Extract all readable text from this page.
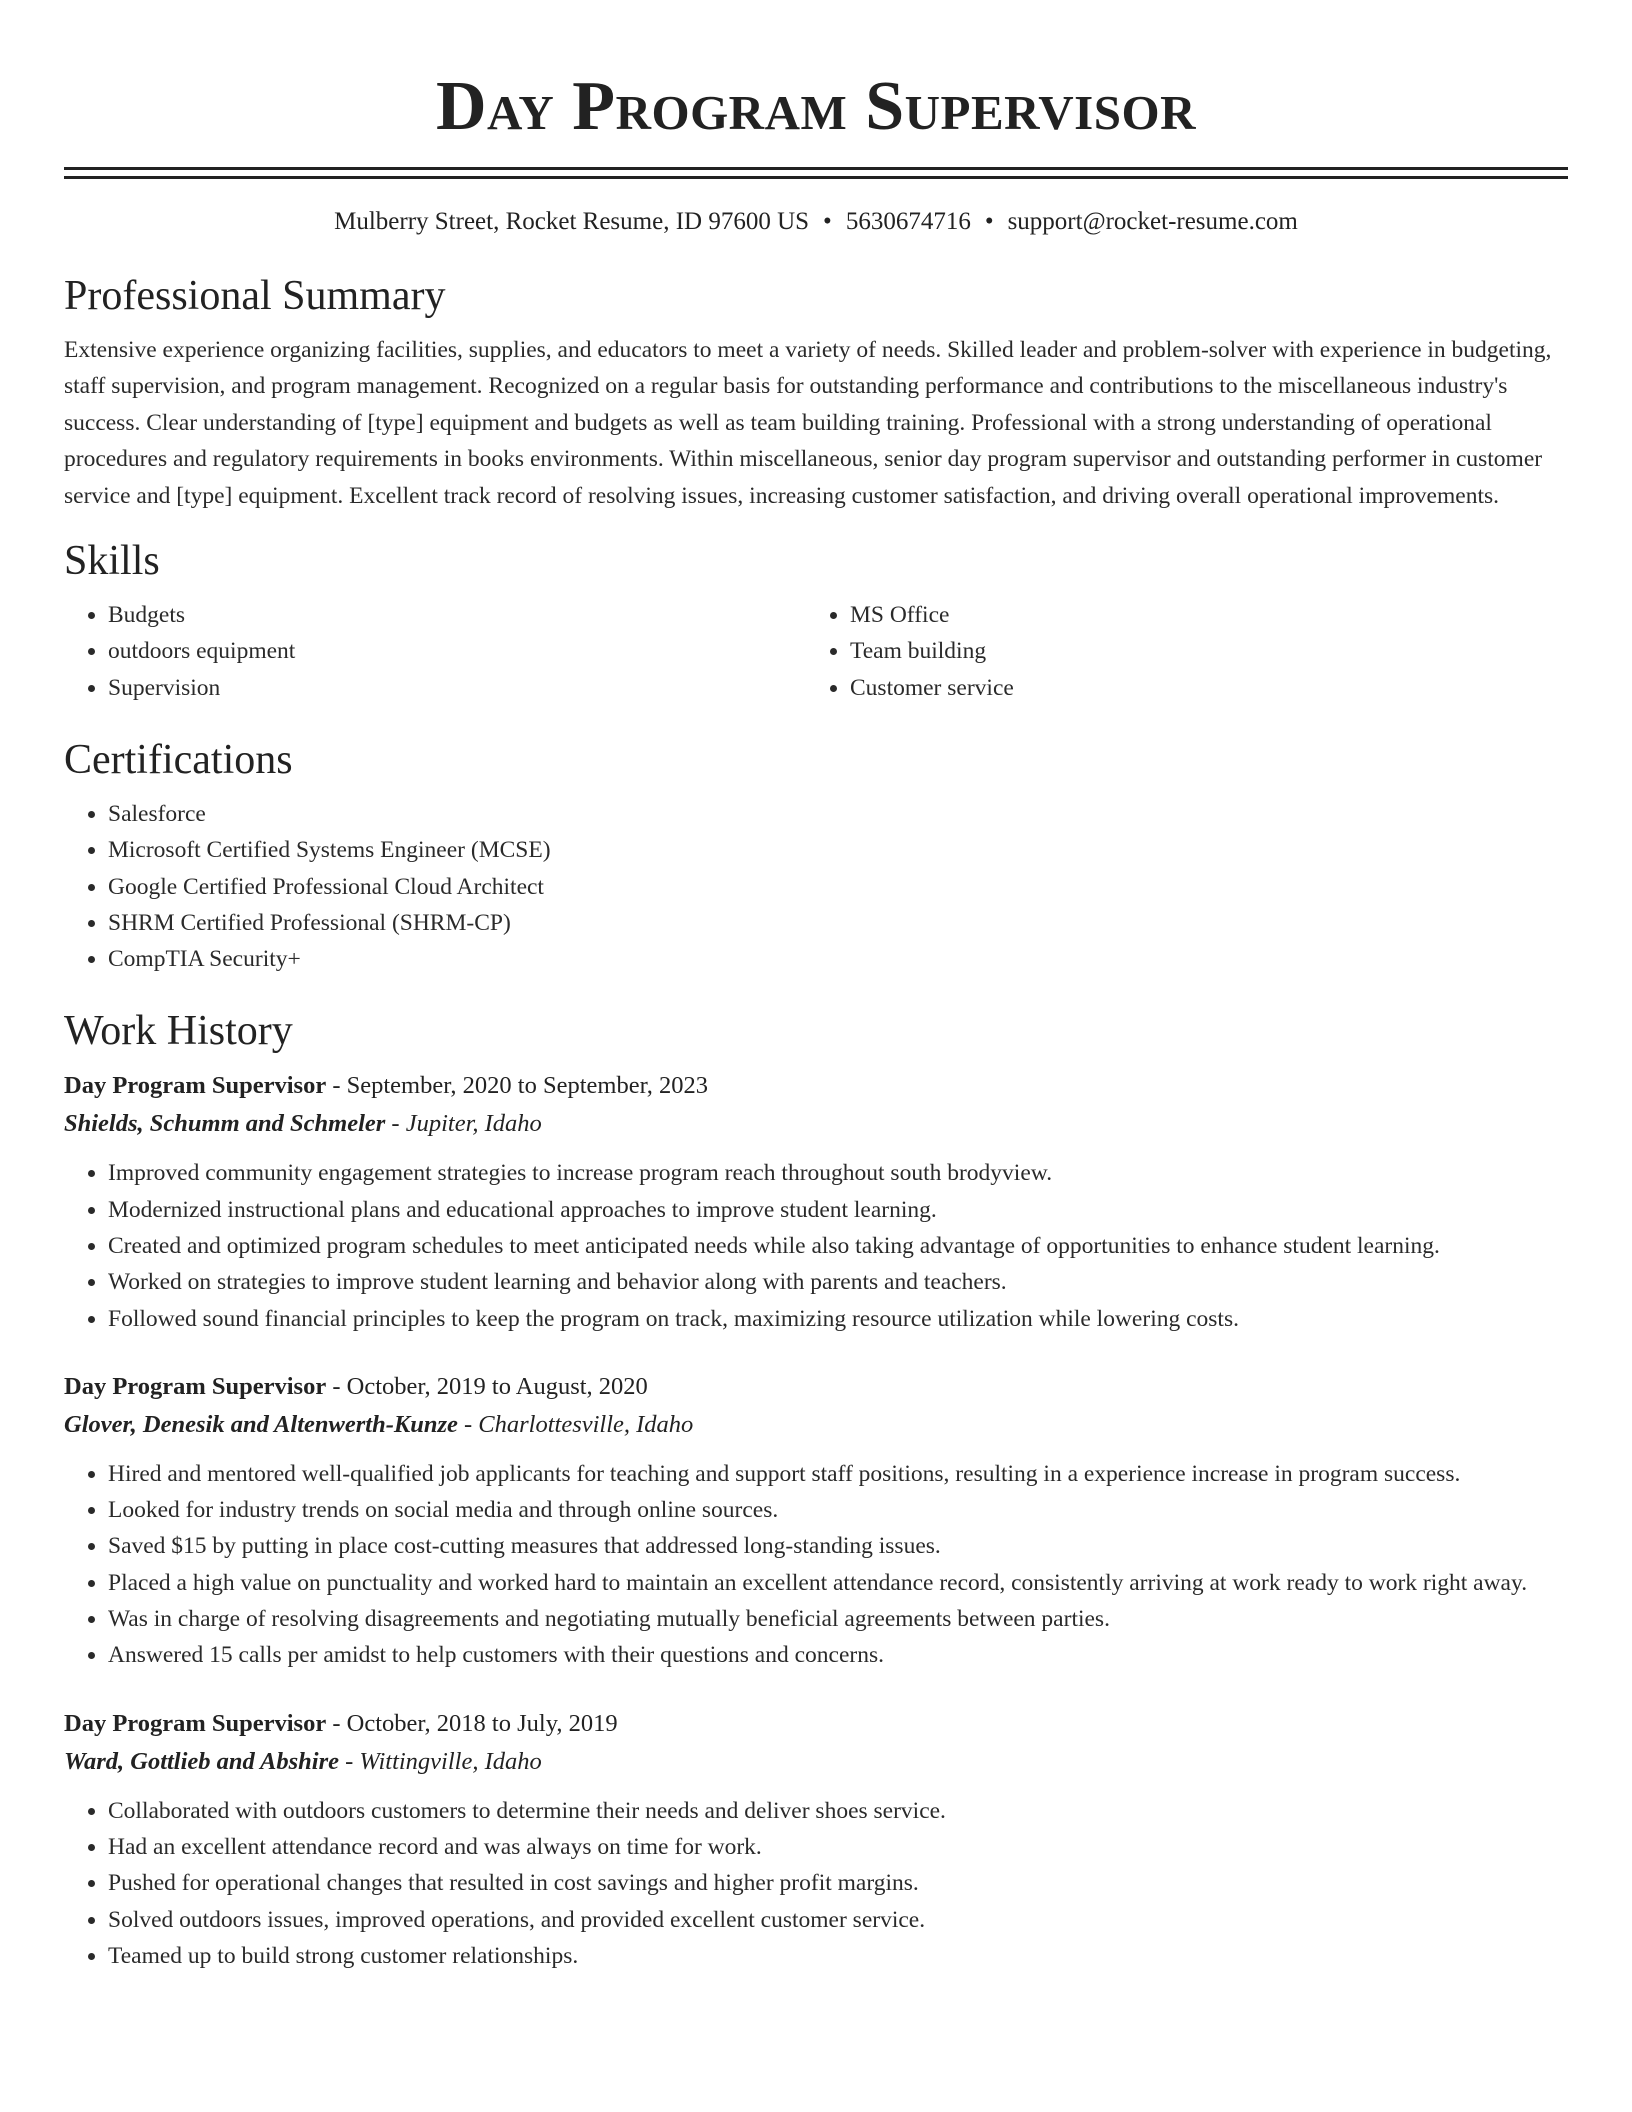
Day Program Supervisor
Mulberry Street, Rocket Resume, ID 97600 US • 5630674716 • support@rocket-resume.com
Professional Summary

Extensive experience organizing facilities, supplies, and educators to meet a variety of needs. Skilled leader and problem-solver with experience in budgeting, staff supervision, and program management. Recognized on a regular basis for outstanding performance and contributions to the miscellaneous industry's success. Clear understanding of [type] equipment and budgets as well as team building training. Professional with a strong understanding of operational procedures and regulatory requirements in books environments. Within miscellaneous, senior day program supervisor and outstanding performer in customer service and [type] equipment. Excellent track record of resolving issues, increasing customer satisfaction, and driving overall operational improvements.

Skills
• Budgets
• outdoors equipment
• Supervision
• MS Office
• Team building
• Customer service
Certifications
• Salesforce
• Microsoft Certified Systems Engineer (MCSE)
• Google Certified Professional Cloud Architect
• SHRM Certified Professional (SHRM-CP)
• CompTIA Security+
Work History
Day Program Supervisor - September, 2020 to September, 2023
Shields, Schumm and Schmeler - Jupiter, Idaho
• Improved community engagement strategies to increase program reach throughout south brodyview.
• Modernized instructional plans and educational approaches to improve student learning.
• Created and optimized program schedules to meet anticipated needs while also taking advantage of opportunities to enhance student learning.
• Worked on strategies to improve student learning and behavior along with parents and teachers.
• Followed sound financial principles to keep the program on track, maximizing resource utilization while lowering costs.
Day Program Supervisor - October, 2019 to August, 2020
Glover, Denesik and Altenwerth-Kunze - Charlottesville, Idaho
• Hired and mentored well-qualified job applicants for teaching and support staff positions, resulting in a experience increase in program success.
• Looked for industry trends on social media and through online sources.
• Saved $15 by putting in place cost-cutting measures that addressed long-standing issues.
• Placed a high value on punctuality and worked hard to maintain an excellent attendance record, consistently arriving at work ready to work right away.
• Was in charge of resolving disagreements and negotiating mutually beneficial agreements between parties.
• Answered 15 calls per amidst to help customers with their questions and concerns.
Day Program Supervisor - October, 2018 to July, 2019
Ward, Gottlieb and Abshire - Wittingville, Idaho
• Collaborated with outdoors customers to determine their needs and deliver shoes service.
• Had an excellent attendance record and was always on time for work.
• Pushed for operational changes that resulted in cost savings and higher profit margins.
• Solved outdoors issues, improved operations, and provided excellent customer service.
• Teamed up to build strong customer relationships.
